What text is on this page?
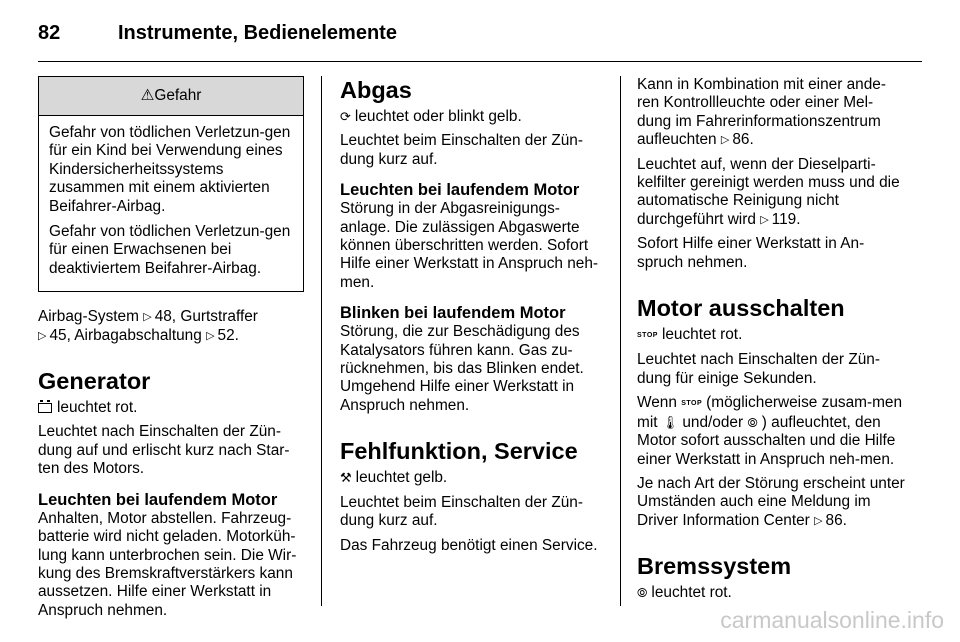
82	Instrumente, Bedienelemente
⚠Gefahr

Gefahr von tödlichen Verletzun-gen für ein Kind bei Verwendung eines Kindersicherheitssystems zusammen mit einem aktivierten Beifahrer-Airbag.

Gefahr von tödlichen Verletzun-gen für einen Erwachsenen bei deaktiviertem Beifahrer-Airbag.

Airbag-System ▷ 48, Gurtstraffer
▷ 45, Airbagabschaltung ▷ 52.

Generator

leuchtet rot.

Leuchtet nach Einschalten der Zün-dung auf und erlischt kurz nach Star-ten des Motors.

Leuchten bei laufendem Motor

Anhalten, Motor abstellen. Fahrzeug-batterie wird nicht geladen. Motorküh-lung kann unterbrochen sein. Die Wir-kung des Bremskraftverstärkers kann aussetzen. Hilfe einer Werkstatt in Anspruch nehmen.

Abgas

⟳ leuchtet oder blinkt gelb.

Leuchtet beim Einschalten der Zün-dung kurz auf.

Leuchten bei laufendem Motor

Störung in der Abgasreinigungs-anlage. Die zulässigen Abgaswerte können überschritten werden. Sofort Hilfe einer Werkstatt in Anspruch neh-men.

Blinken bei laufendem Motor

Störung, die zur Beschädigung des Katalysators führen kann. Gas zu-rücknehmen, bis das Blinken endet. Umgehend Hilfe einer Werkstatt in Anspruch nehmen.

Fehlfunktion, Service

⚒ leuchtet gelb.

Leuchtet beim Einschalten der Zün-dung kurz auf.

Das Fahrzeug benötigt einen Service.

Kann in Kombination mit einer ande-ren Kontrollleuchte oder einer Mel-dung im Fahrerinformationszentrum aufleuchten ▷ 86.

Leuchtet auf, wenn der Dieselparti-kelfilter gereinigt werden muss und die automatische Reinigung nicht durchgeführt wird ▷ 119.

Sofort Hilfe einer Werkstatt in An-spruch nehmen.

Motor ausschalten

STOP leuchtet rot.

Leuchtet nach Einschalten der Zün-dung für einige Sekunden.

Wenn STOP (möglicherweise zusam-men mit 🌡 und/oder ⦾ ) aufleuchtet, den Motor sofort ausschalten und die Hilfe einer Werkstatt in Anspruch neh-men.

Je nach Art der Störung erscheint unter Umständen auch eine Meldung im Driver Information Center ▷ 86.

Bremssystem

⦾ leuchtet rot.

carmanualsonline.info
